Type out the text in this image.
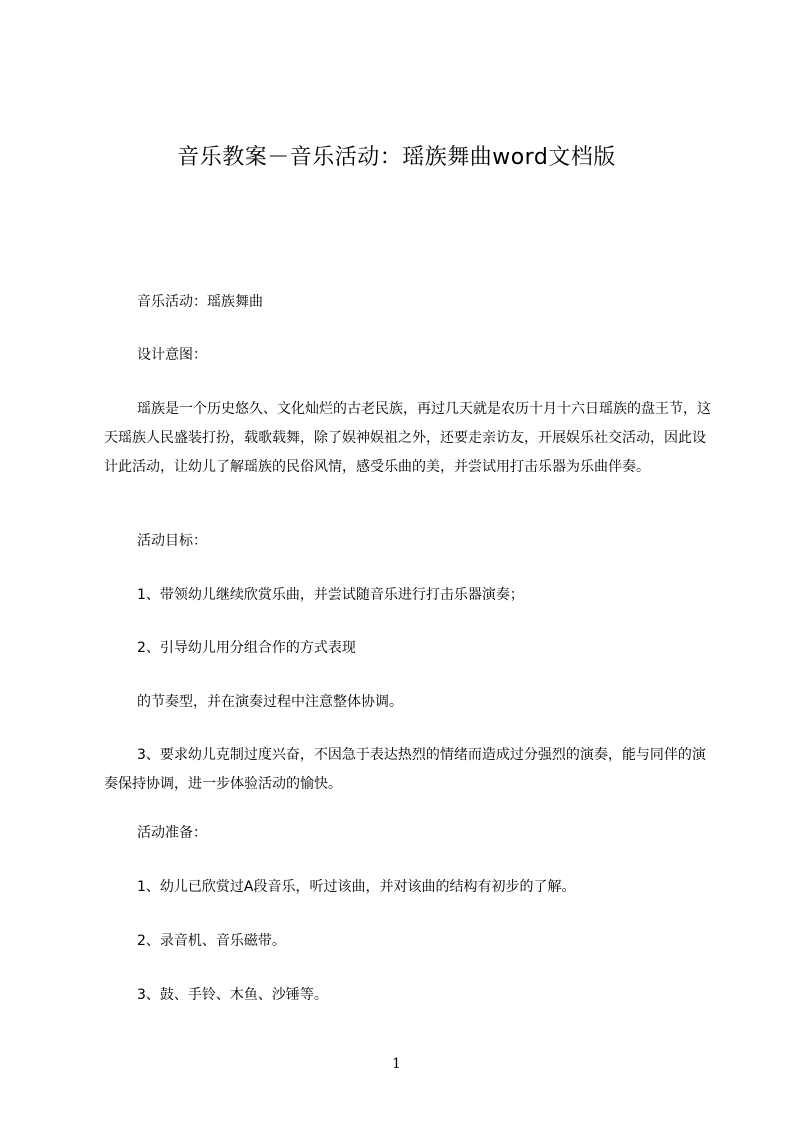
音乐教案－音乐活动：瑶族舞曲word文档版
音乐活动：瑶族舞曲
设计意图：
瑶族是一个历史悠久、文化灿烂的古老民族，再过几天就是农历十月十六日瑶族的盘王节，这天瑶族人民盛装打扮，载歌载舞，除了娱神娱祖之外，还要走亲访友，开展娱乐社交活动，因此设计此活动，让幼儿了解瑶族的民俗风情，感受乐曲的美，并尝试用打击乐器为乐曲伴奏。
活动目标：
1、带领幼儿继续欣赏乐曲，并尝试随音乐进行打击乐器演奏；
2、引导幼儿用分组合作的方式表现
的节奏型，并在演奏过程中注意整体协调。
3、要求幼儿克制过度兴奋，不因急于表达热烈的情绪而造成过分强烈的演奏，能与同伴的演奏保持协调，进一步体验活动的愉快。
活动准备：
1、幼儿已欣赏过A段音乐，听过该曲，并对该曲的结构有初步的了解。
2、录音机、音乐磁带。
3、鼓、手铃、木鱼、沙锤等。
1
